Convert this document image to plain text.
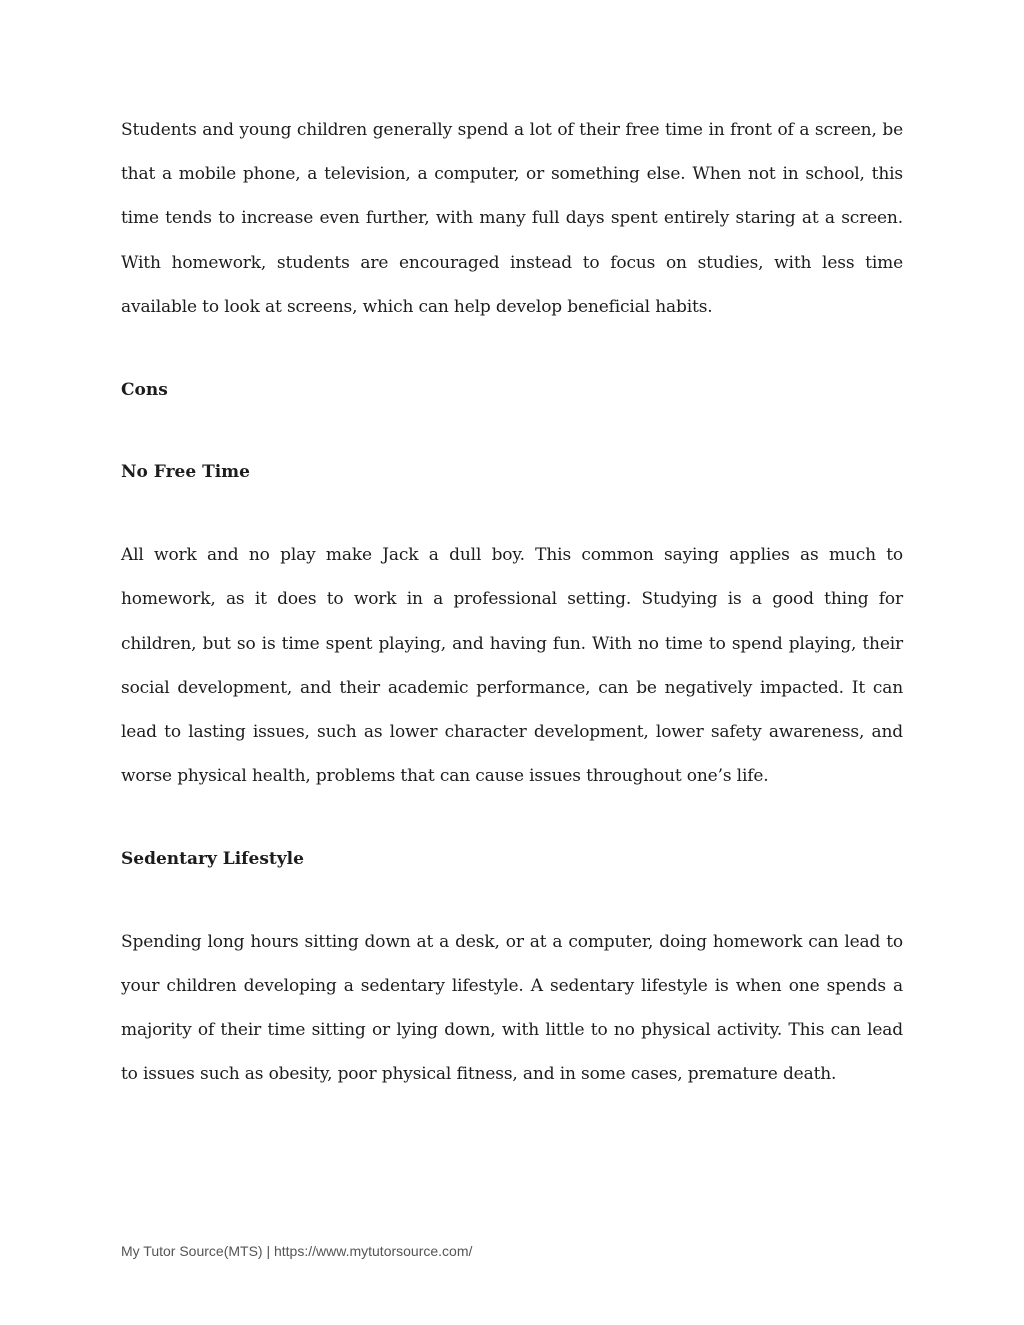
Students and young children generally spend a lot of their free time in front of a screen, be that a mobile phone, a television, a computer, or something else. When not in school, this time tends to increase even further, with many full days spent entirely staring at a screen. With homework, students are encouraged instead to focus on studies, with less time available to look at screens, which can help develop beneficial habits.

Cons

No Free Time

All work and no play make Jack a dull boy. This common saying applies as much to homework, as it does to work in a professional setting. Studying is a good thing for children, but so is time spent playing, and having fun. With no time to spend playing, their social development, and their academic performance, can be negatively impacted. It can lead to lasting issues, such as lower character development, lower safety awareness, and worse physical health, problems that can cause issues throughout one’s life.

Sedentary Lifestyle

Spending long hours sitting down at a desk, or at a computer, doing homework can lead to your children developing a sedentary lifestyle. A sedentary lifestyle is when one spends a majority of their time sitting or lying down, with little to no physical activity. This can lead to issues such as obesity, poor physical fitness, and in some cases, premature death.

My Tutor Source(MTS) | https://www.mytutorsource.com/
